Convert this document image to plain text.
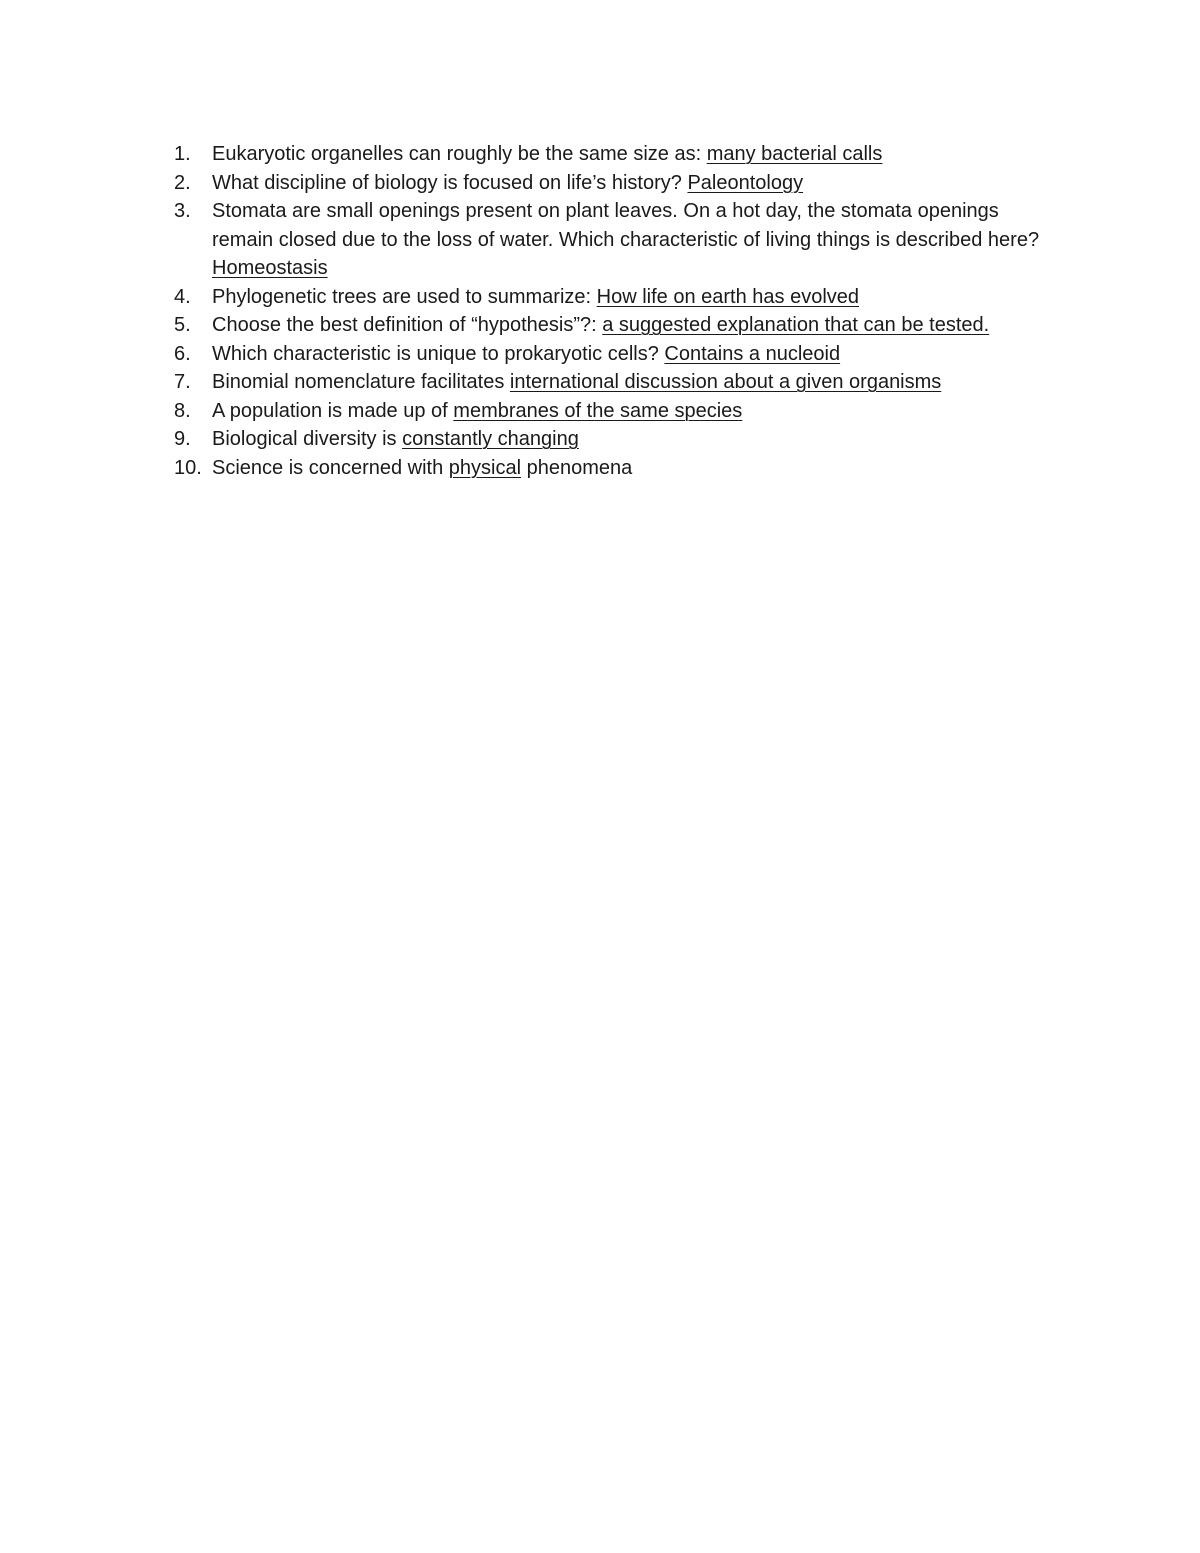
1.	Eukaryotic organelles can roughly be the same size as: many bacterial calls
2.	What discipline of biology is focused on life’s history? Paleontology
3.	Stomata are small openings present on plant leaves. On a hot day, the stomata openings remain closed due to the loss of water. Which characteristic of living things is described here? Homeostasis
4.	Phylogenetic trees are used to summarize: How life on earth has evolved
5.	Choose the best definition of “hypothesis”?: a suggested explanation that can be tested.
6.	Which characteristic is unique to prokaryotic cells? Contains a nucleoid
7.	Binomial nomenclature facilitates international discussion about a given organisms
8.	A population is made up of membranes of the same species
9.	Biological diversity is constantly changing
10. Science is concerned with physical phenomena
